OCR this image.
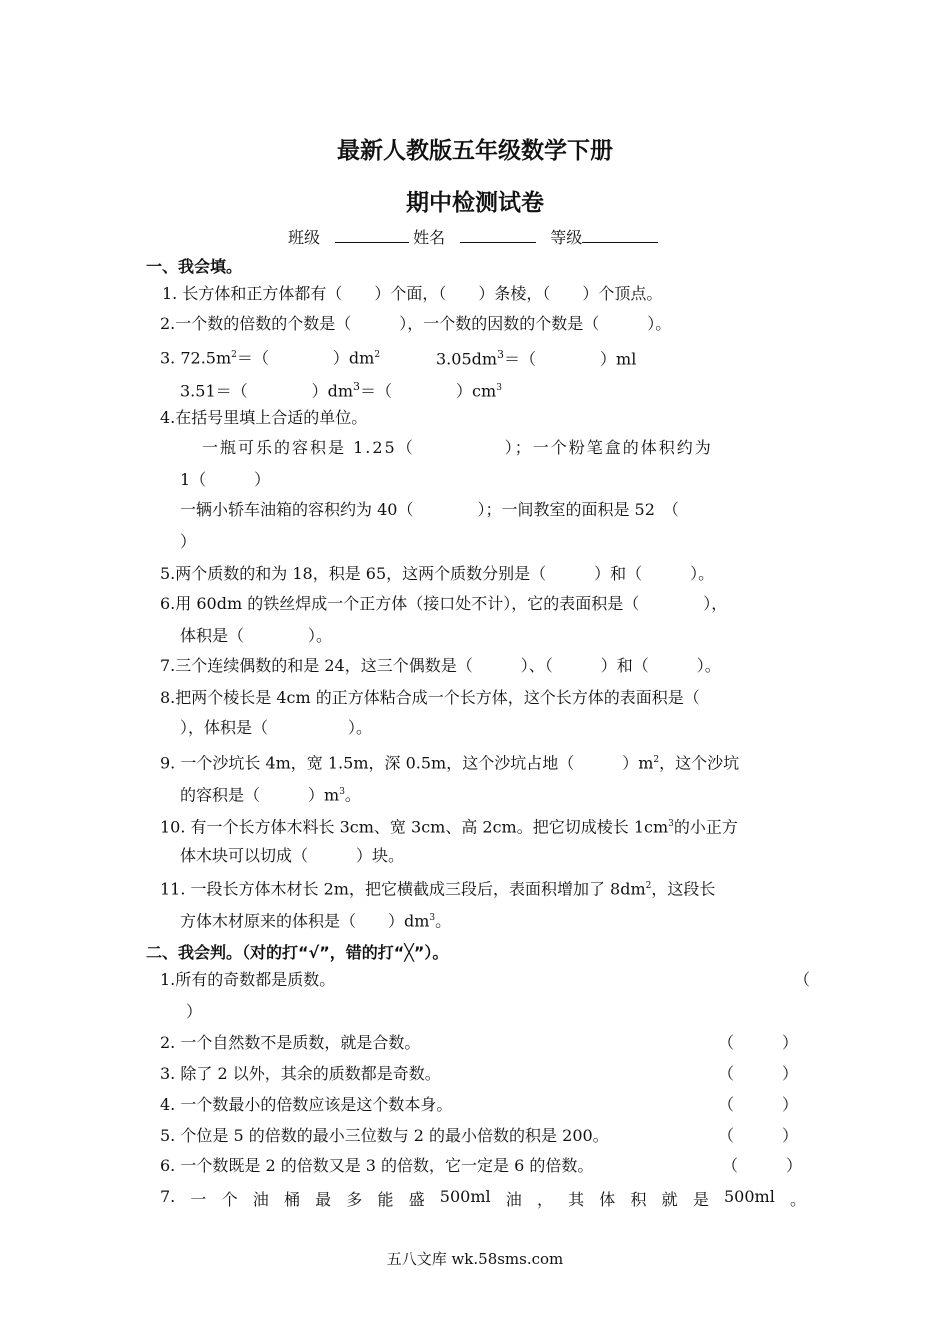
最新人教版五年级数学下册
期中检测试卷
班级	姓名	等级
一、我会填。
1. 长方体和正方体都有（　　）个面，（　　）条棱，（　　）个顶点。
2.一个数的倍数的个数是（　　　），一个数的因数的个数是（　　　）。
3. $72.5m^2=$（　　　　）$dm^2$	$3.05dm^3=$（　　　　）ml
3.51＝（　　　　）$dm^3=$（　　　　）$cm^3$
4.在括号里填上合适的单位。
一瓶可乐的容积是 1.25（　　　　　）；一个粉笔盒的体积约为
1（　　　）
一辆小轿车油箱的容积约为 40（　　　　）；一间教室的面积是 52　（
）
5.两个质数的和为 18，积是 65，这两个质数分别是（　　　）和（　　　）。
6.用 60dm 的铁丝焊成一个正方体（接口处不计），它的表面积是（　　　　），
体积是（　　　　）。
7.三个连续偶数的和是 24，这三个偶数是（　　　）、（　　　）和（　　　）。
8.把两个棱长是 4cm 的正方体粘合成一个长方体，这个长方体的表面积是（
），体积是（　　　　　）。
9. 一个沙坑长 4m，宽 1.5m，深 0.5m，这个沙坑占地（　　　）$m^2$，这个沙坑
的容积是（　　　）$m^3$。
10. 有一个长方体木料长 3cm、宽 3cm、高 2cm。把它切成棱长 $1cm^3$的小正方
体木块可以切成（　　　）块。
11. 一段长方体木材长 2m，把它横截成三段后，表面积增加了 $8dm^2$，这段长
方体木材原来的体积是（　　）$dm^3$。
二、我会判。（对的打“√”，错的打“╳”）。
1.所有的奇数都是质数。	（
）
2. 一个自然数不是质数，就是合数。	（　　　）
3. 除了 2 以外，其余的质数都是奇数。	（　　　）
4. 一个数最小的倍数应该是这个数本身。	（　　　）
5. 个位是 5 的倍数的最小三位数与 2 的最小倍数的积是 200。	（　　　）
6. 一个数既是 2 的倍数又是 3 的倍数，它一定是 6 的倍数。	（　　　）
7. 一 个 油 桶 最 多 能 盛 500ml 油 ， 其 体 积 就 是 500ml 。
五八文库 wk.58sms.com
